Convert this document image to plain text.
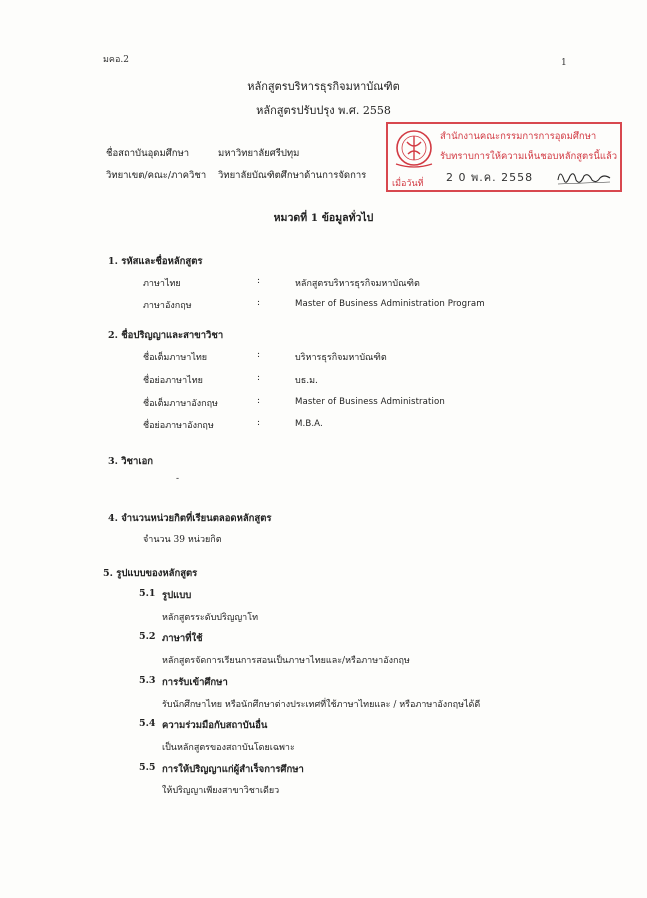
มคอ.2	1
หลักสูตรบริหารธุรกิจมหาบัณฑิต
หลักสูตรปรับปรุง พ.ศ. 2558
ชื่อสถาบันอุดมศึกษา	มหาวิทยาลัยศรีปทุม
วิทยาเขต/คณะ/ภาควิชา วิทยาลัยบัณฑิตศึกษาด้านการจัดการ
สำนักงานคณะกรรมการการอุดมศึกษา
รับทราบการให้ความเห็นชอบหลักสูตรนี้แล้ว
เมื่อวันที่ 2 0 พ.ค. 2558
หมวดที่ 1 ข้อมูลทั่วไป
1. รหัสและชื่อหลักสูตร
ภาษาไทย	:	หลักสูตรบริหารธุรกิจมหาบัณฑิต
ภาษาอังกฤษ	:	Master of Business Administration Program
2. ชื่อปริญญาและสาขาวิชา
ชื่อเต็มภาษาไทย	:	บริหารธุรกิจมหาบัณฑิต
ชื่อย่อภาษาไทย	:	บธ.ม.
ชื่อเต็มภาษาอังกฤษ	:	Master of Business Administration
ชื่อย่อภาษาอังกฤษ	:	M.B.A.
3. วิชาเอก
-
4. จำนวนหน่วยกิตที่เรียนตลอดหลักสูตร
จำนวน 39 หน่วยกิต
5. รูปแบบของหลักสูตร
5.1 รูปแบบ
หลักสูตรระดับปริญญาโท
5.2 ภาษาที่ใช้
หลักสูตรจัดการเรียนการสอนเป็นภาษาไทยและ/หรือภาษาอังกฤษ
5.3 การรับเข้าศึกษา
รับนักศึกษาไทย หรือนักศึกษาต่างประเทศที่ใช้ภาษาไทยและ / หรือภาษาอังกฤษได้ดี
5.4 ความร่วมมือกับสถาบันอื่น
เป็นหลักสูตรของสถาบันโดยเฉพาะ
5.5 การให้ปริญญาแก่ผู้สำเร็จการศึกษา
ให้ปริญญาเพียงสาขาวิชาเดียว
